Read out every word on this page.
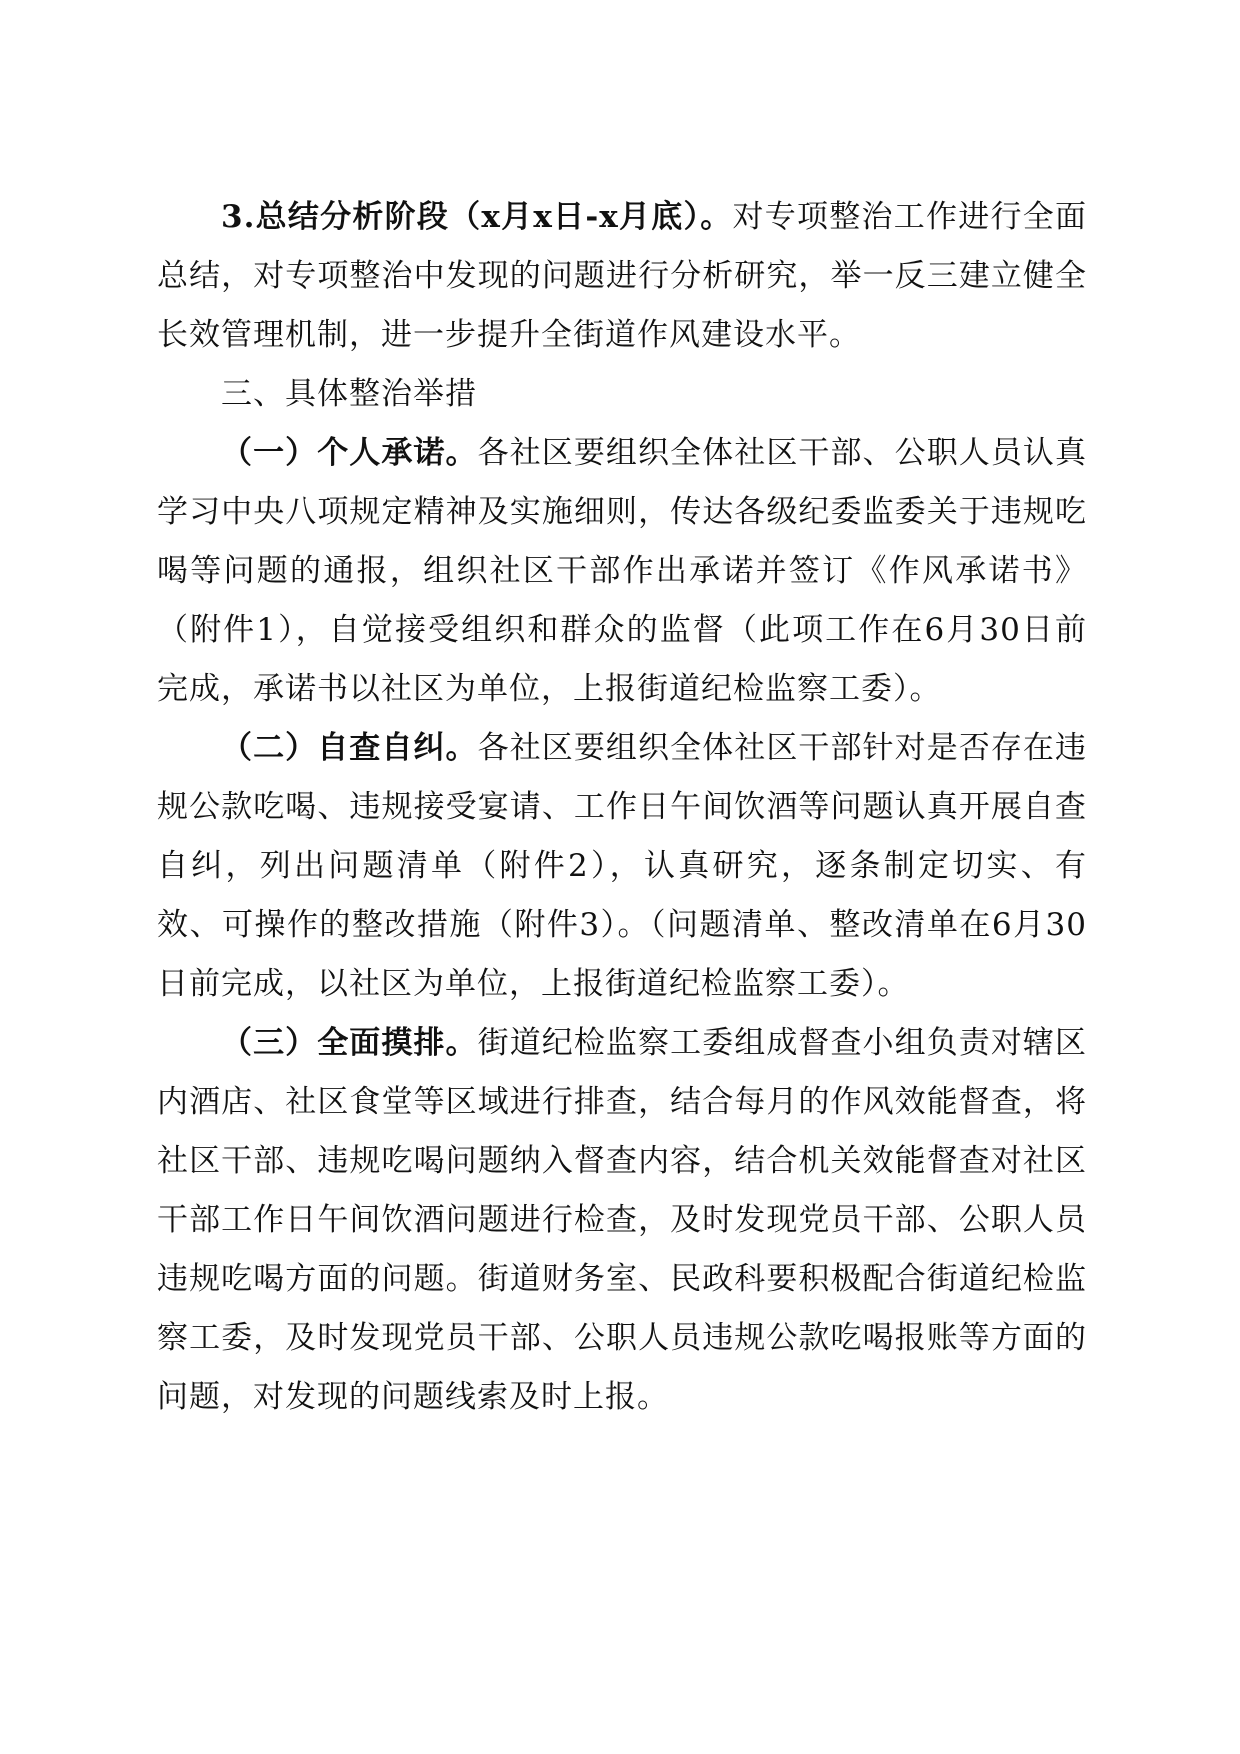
3.总结分析阶段（x月x日-x月底）。对专项整治工作进行全面总结，对专项整治中发现的问题进行分析研究，举一反三建立健全长效管理机制，进一步提升全街道作风建设水平。

三、具体整治举措

（一）个人承诺。各社区要组织全体社区干部、公职人员认真学习中央八项规定精神及实施细则，传达各级纪委监委关于违规吃喝等问题的通报，组织社区干部作出承诺并签订《作风承诺书》（附件1），自觉接受组织和群众的监督（此项工作在6月30日前完成，承诺书以社区为单位，上报街道纪检监察工委）。

（二）自查自纠。各社区要组织全体社区干部针对是否存在违规公款吃喝、违规接受宴请、工作日午间饮酒等问题认真开展自查自纠，列出问题清单（附件2），认真研究，逐条制定切实、有效、可操作的整改措施（附件3）。（问题清单、整改清单在6月30日前完成，以社区为单位，上报街道纪检监察工委）。

（三）全面摸排。街道纪检监察工委组成督查小组负责对辖区内酒店、社区食堂等区域进行排查，结合每月的作风效能督查，将社区干部、违规吃喝问题纳入督查内容，结合机关效能督查对社区干部工作日午间饮酒问题进行检查，及时发现党员干部、公职人员违规吃喝方面的问题。街道财务室、民政科要积极配合街道纪检监察工委，及时发现党员干部、公职人员违规公款吃喝报账等方面的问题，对发现的问题线索及时上报。
